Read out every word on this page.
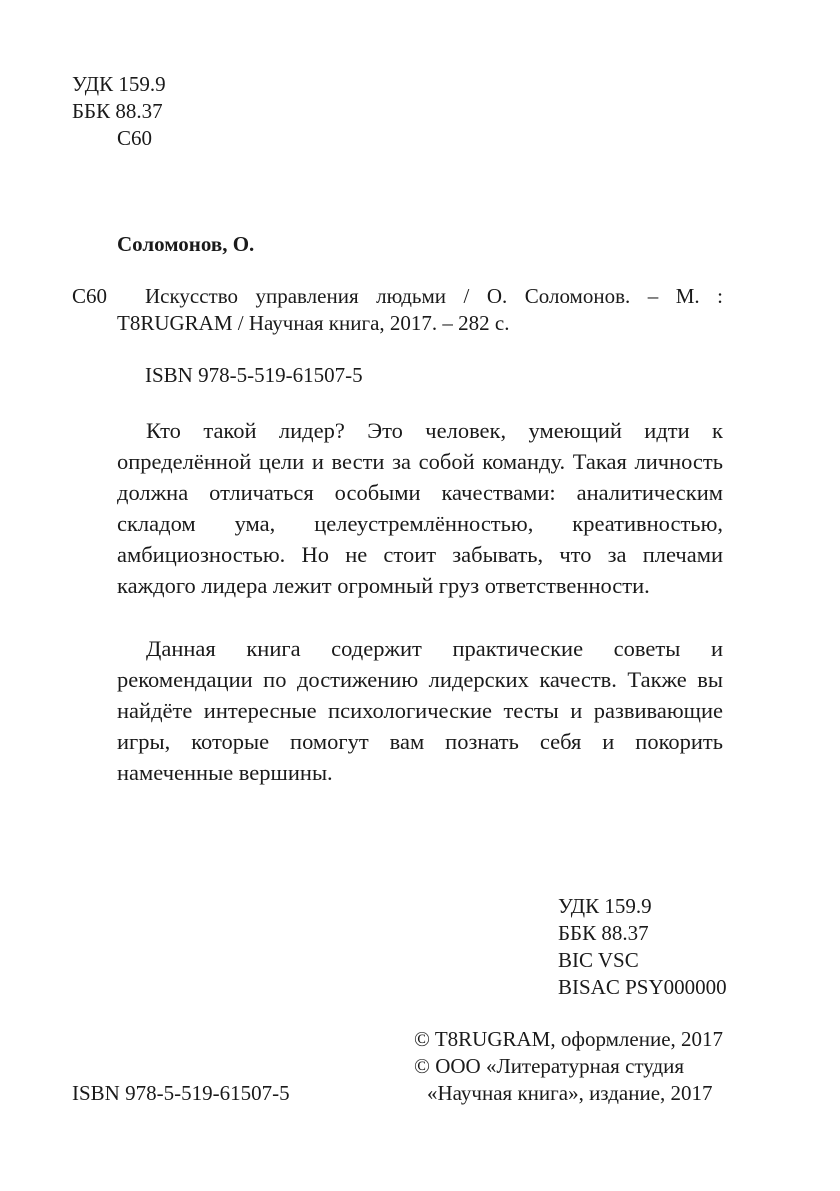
УДК 159.9
ББК 88.37
С60
Соломонов, О.
С60 Искусство управления людьми / О. Соломонов. – М. :
T8RUGRAM / Научная книга, 2017. – 282 с.
ISBN 978-5-519-61507-5

Кто такой лидер? Это человек, умеющий идти к определённой цели и вести за собой команду. Такая личность должна отличаться особыми качествами: аналитическим складом ума, целеустремлённостью, креативностью, амбициозностью. Но не стоит забывать, что за плечами каждого лидера лежит огромный груз ответственности.

Данная книга содержит практические советы и рекомендации по достижению лидерских качеств. Также вы найдёте интересные психологические тесты и развивающие игры, которые помогут вам познать себя и покорить намеченные вершины.

УДК 159.9
ББК 88.37
BIC VSC
BISAC PSY000000
© T8RUGRAM, оформление, 2017
© ООО «Литературная студия
«Научная книга», издание, 2017
ISBN 978-5-519-61507-5
